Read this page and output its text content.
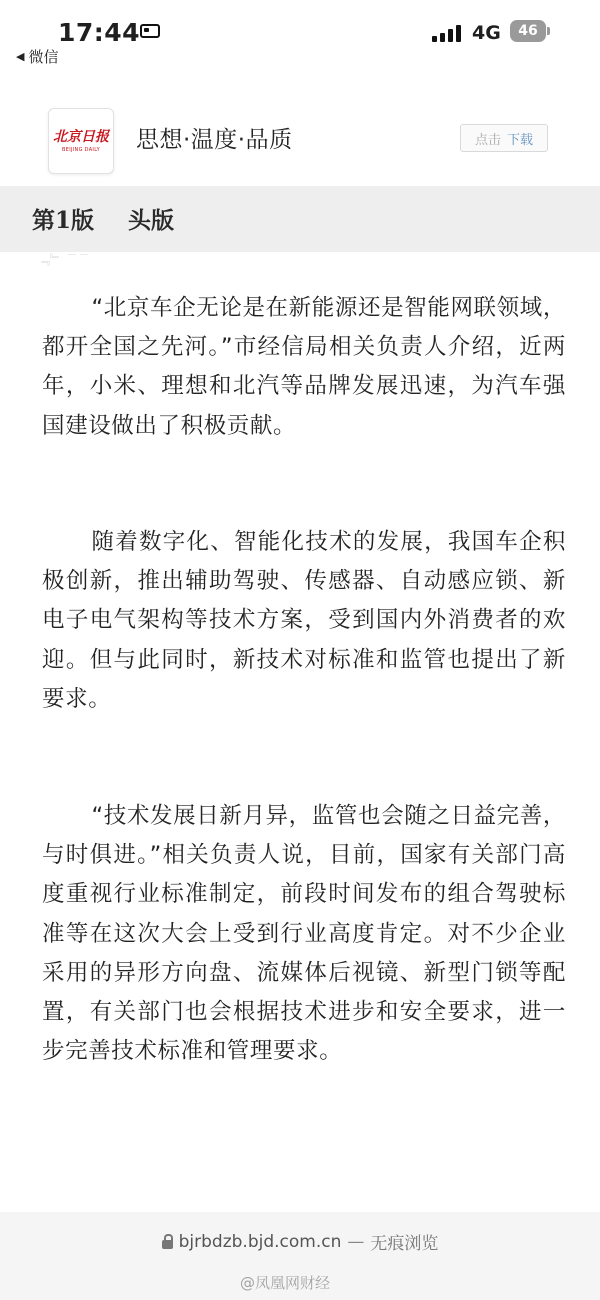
17:44
◀ 微信
4G	46
北京日报
BEIJING DAILY 思想·温度·品质	点击 下载
第1版 头版
﹃﹄ ﹉﹉

“北京车企无论是在新能源还是智能网联领域，都开全国之先河。”市经信局相关负责人介绍，近两年，小米、理想和北汽等品牌发展迅速，为汽车强国建设做出了积极贡献。

随着数字化、智能化技术的发展，我国车企积极创新，推出辅助驾驶、传感器、自动感应锁、新电子电气架构等技术方案，受到国内外消费者的欢迎。但与此同时，新技术对标准和监管也提出了新要求。

“技术发展日新月异，监管也会随之日益完善，与时俱进。”相关负责人说，目前，国家有关部门高度重视行业标准制定，前段时间发布的组合驾驶标准等在这次大会上受到行业高度肯定。对不少企业采用的异形方向盘、流媒体后视镜、新型门锁等配置，有关部门也会根据技术进步和安全要求，进一步完善技术标准和管理要求。

bjrbdzb.bjd.com.cn — 无痕浏览
@凤凰网财经
